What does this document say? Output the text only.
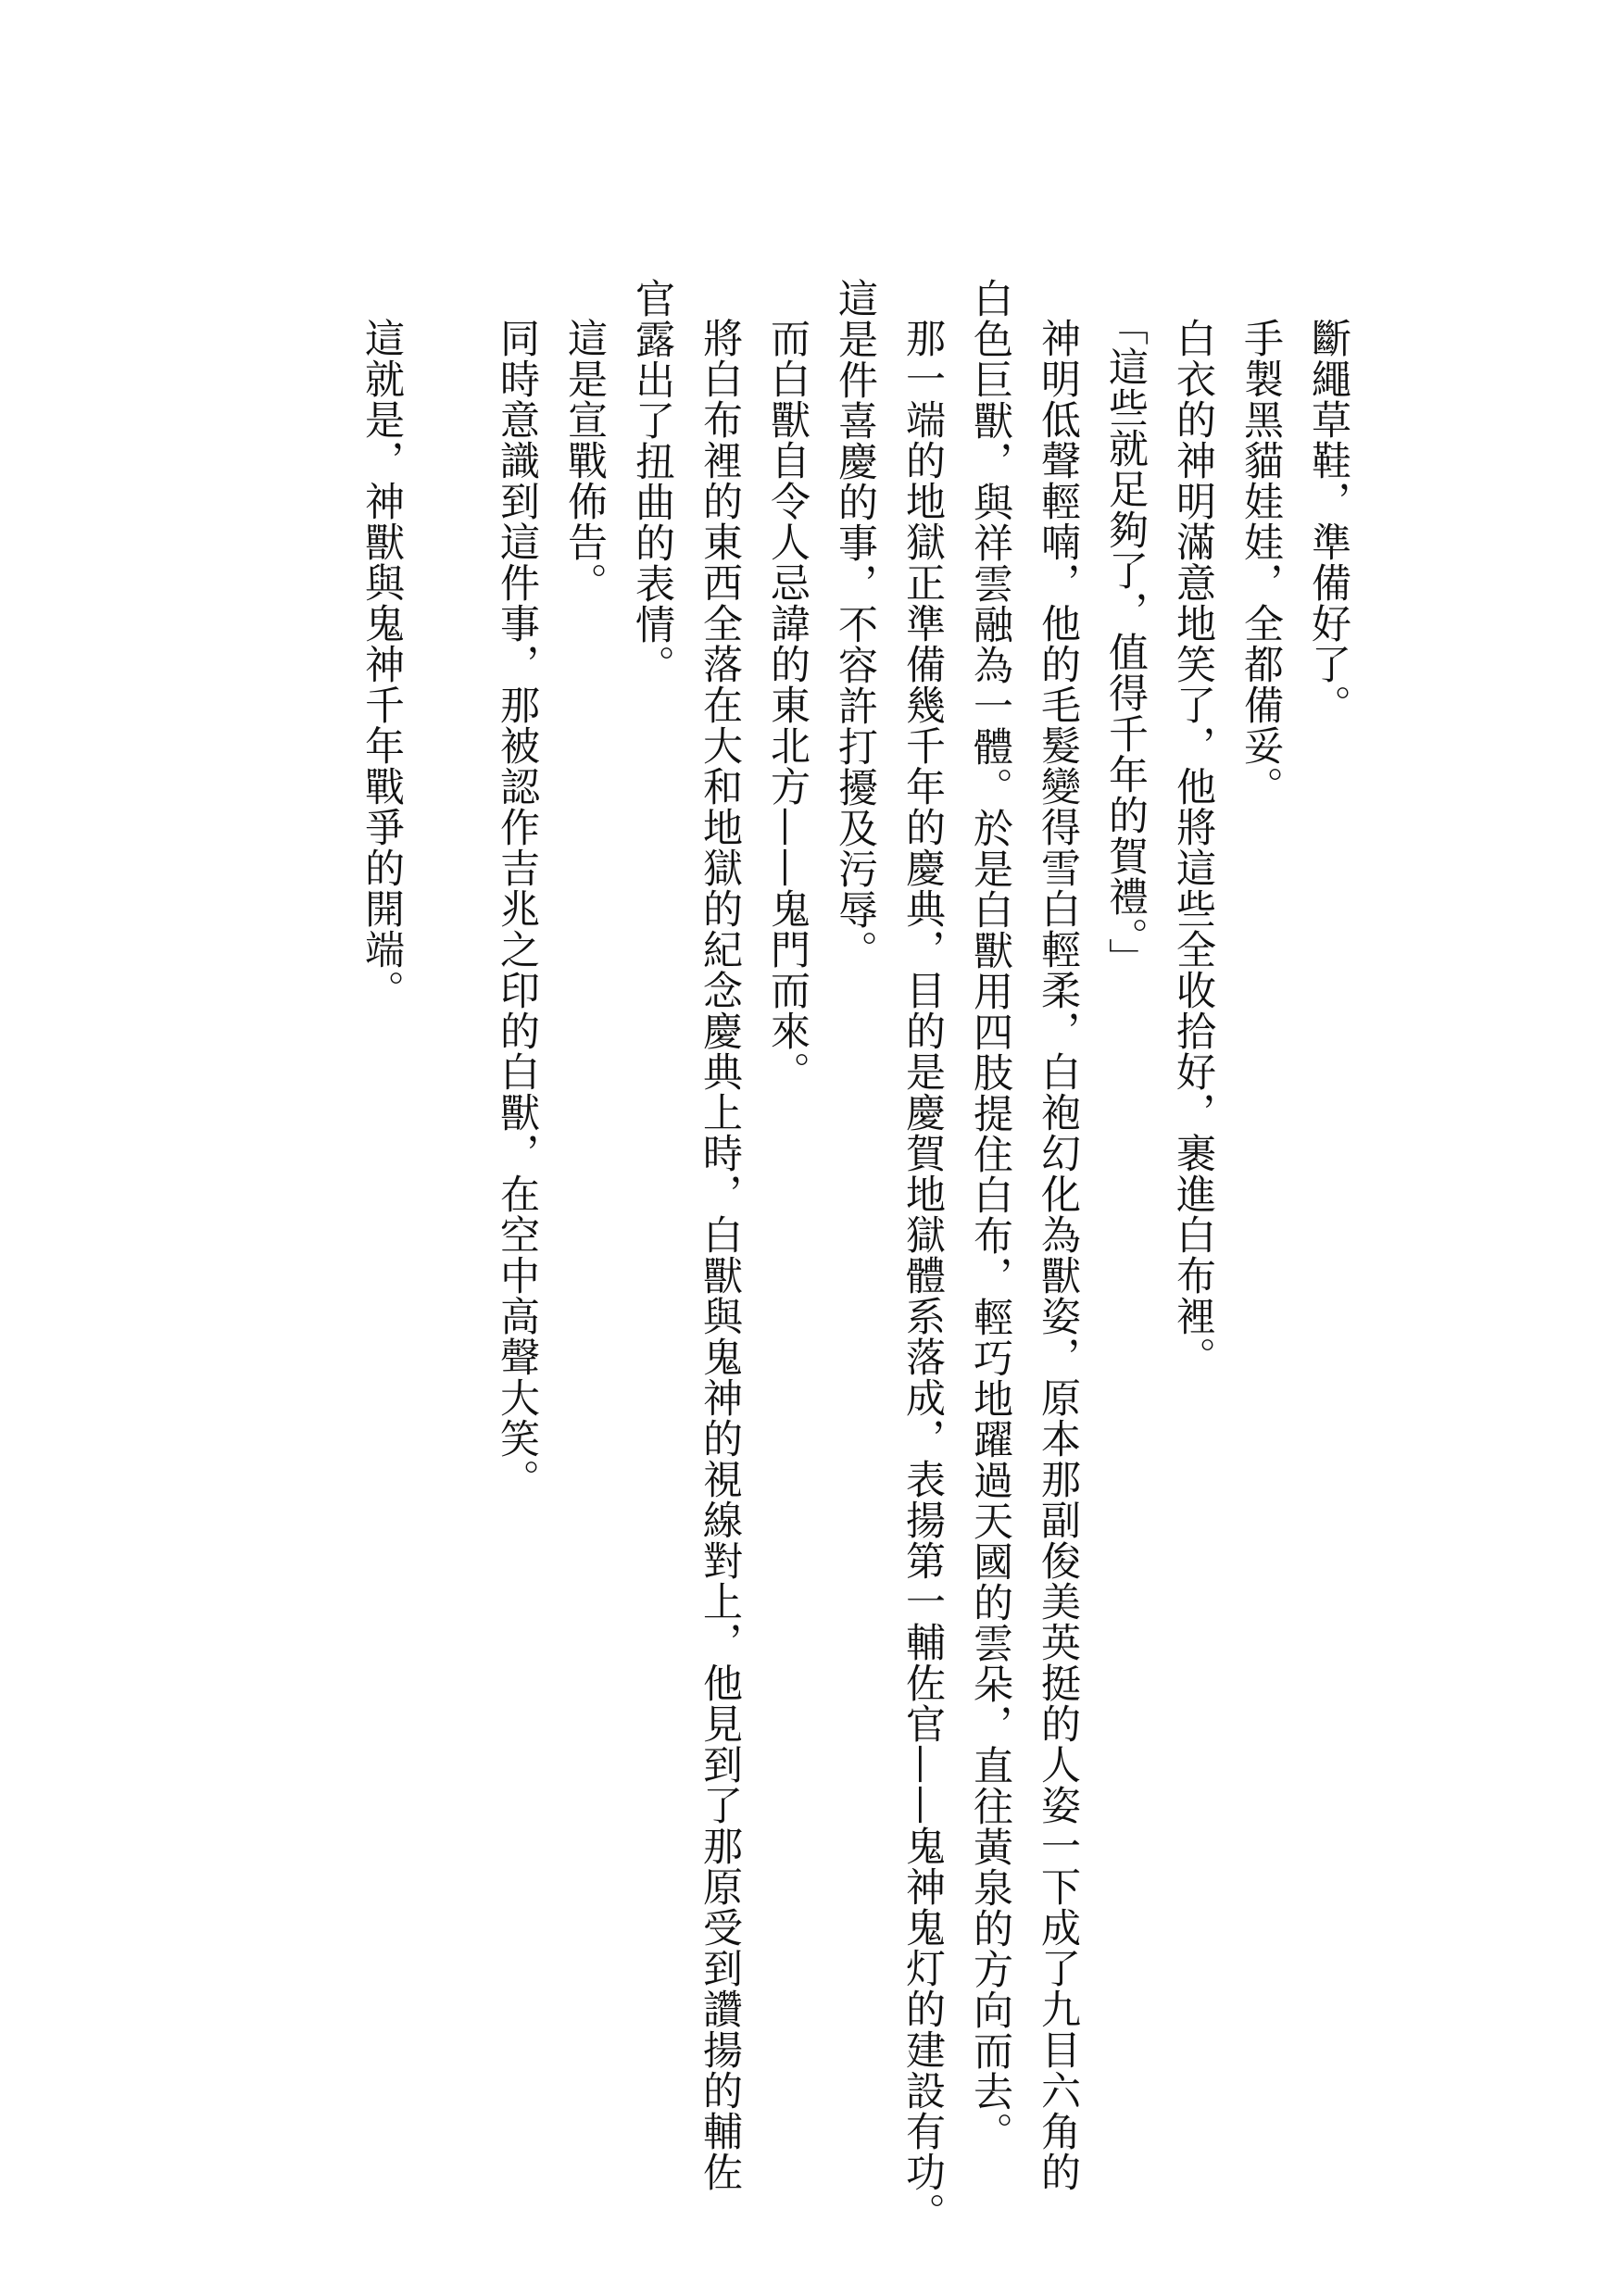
斷繩草鞋，準備好了。
手製黑貓娃娃，全都備妥。
白衣的神明滿意地笑了，他將這些全收拾好，裹進白布裡。
「這些就足夠了，值得千年的賀禮。」
神明低聲輕喃，他的毛髮變得雪白輕柔，白袍幻化為獸姿，原本那副俊美英挺的人姿一下成了九目六角的
白色巨獸，與祥雲融為一體。於是白獸用四肢提住白布，輕巧地躍過天國的雲朵，直往黃泉的方向而去。
那一端的地獄正準備幾千年的慶典，目的是慶賀地獄體系落成，表揚第一輔佐官——鬼神鬼灯的建設有功。
這是件喜慶的事，不容許打擾及污辱。
而白獸自令人忌諱的東北方——鬼門而來。
將白布裡的東西全落在大和地獄的紀念慶典上時，白獸與鬼神的視線對上，他見到了那原受到讚揚的輔佐
官露出了扭曲的表情。
這是宣戰佈告。
同時意識到這件事，那被認作吉兆之印的白獸，在空中高聲大笑。
這就是，神獸與鬼神千年戰爭的開端。
